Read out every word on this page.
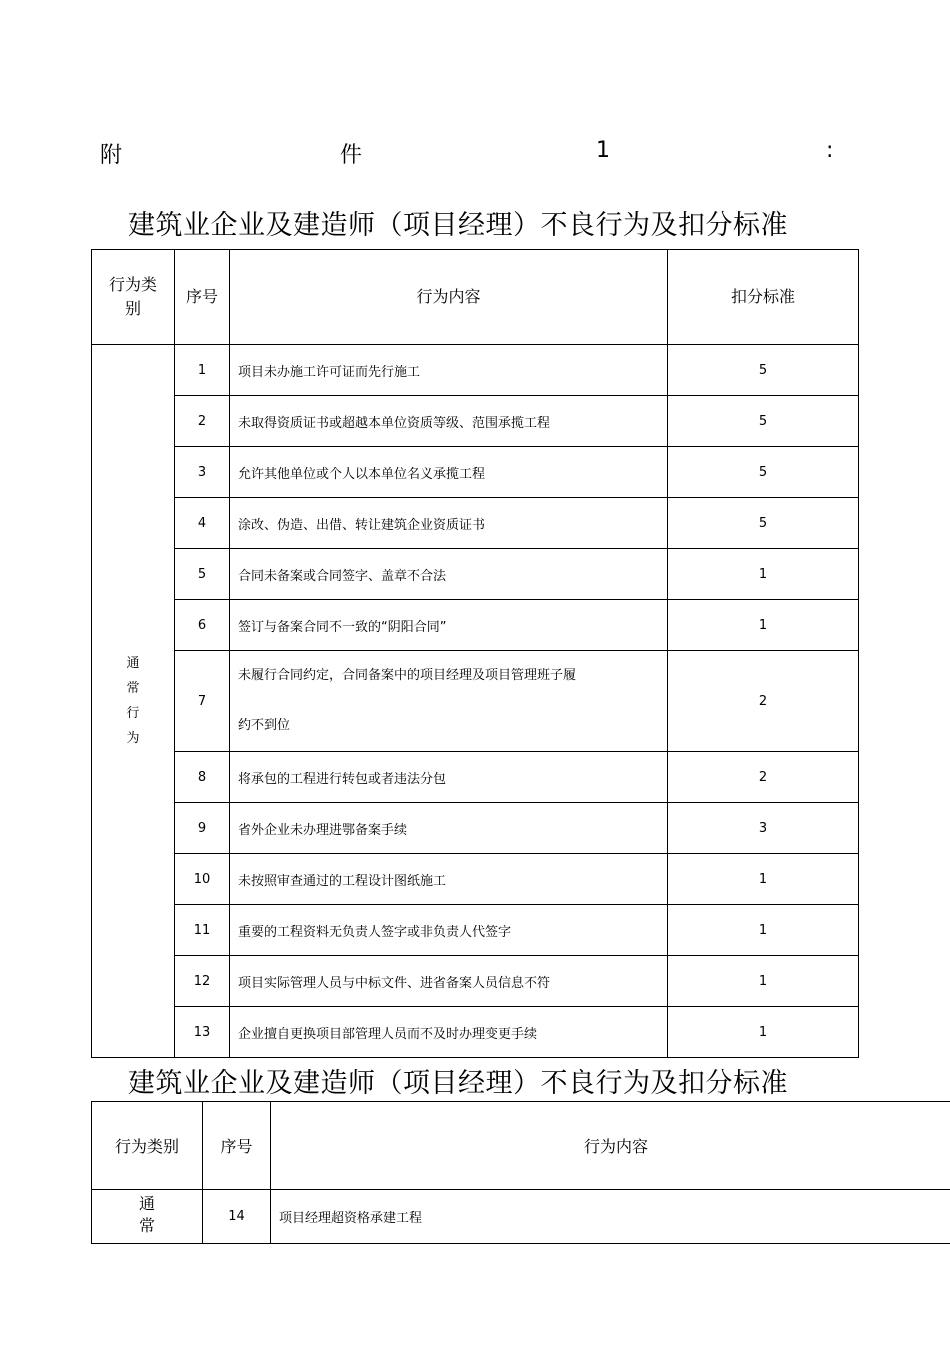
附	件	1	:
建筑业企业及建造师（项目经理）不良行为及扣分标准
行为类别	序号	行为内容	扣分标准
通常行为	1	项目未办施工许可证而先行施工	5
	2	未取得资质证书或超越本单位资质等级、范围承揽工程	5
	3	允许其他单位或个人以本单位名义承揽工程	5
	4	涂改、伪造、出借、转让建筑企业资质证书	5
	5	合同未备案或合同签字、盖章不合法	1
	6	签订与备案合同不一致的“阴阳合同”	1
	7	未履行合同约定，合同备案中的项目经理及项目管理班子履
约不到位	2
	8	将承包的工程进行转包或者违法分包	2
	9	省外企业未办理进鄂备案手续	3
	10	未按照审查通过的工程设计图纸施工	1
	11	重要的工程资料无负责人签字或非负责人代签字	1
	12	项目实际管理人员与中标文件、进省备案人员信息不符	1
	13	企业擅自更换项目部管理人员而不及时办理变更手续	1
建筑业企业及建造师（项目经理）不良行为及扣分标准
行为类别	序号	行为内容

通
常	14	项目经理超资格承建工程
